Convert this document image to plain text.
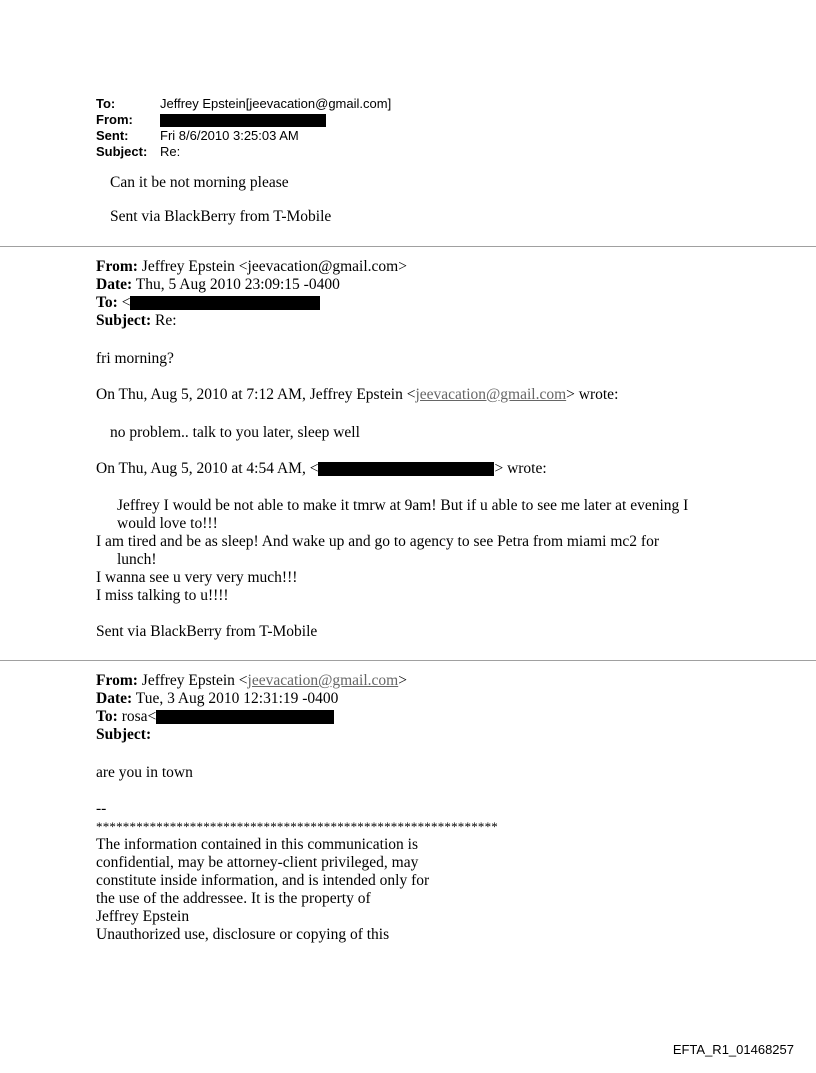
To:	Jeffrey Epstein[jeevacation@gmail.com]
From:	
Sent:	Fri 8/6/2010 3:25:03 AM
Subject:	Re:
Can it be not morning please
Sent via BlackBerry from T-Mobile
From: Jeffrey Epstein <jeevacation@gmail.com>
Date: Thu, 5 Aug 2010 23:09:15 -0400
To: <
Subject: Re:
fri morning?
On Thu, Aug 5, 2010 at 7:12 AM, Jeffrey Epstein <jeevacation@gmail.com> wrote:
no problem.. talk to you later, sleep well
On Thu, Aug 5, 2010 at 4:54 AM, <	> wrote:
Jeffrey I would be not able to make it tmrw at 9am! But if u able to see me later at evening I
would love to!!!
I am tired and be as sleep! And wake up and go to agency to see Petra from miami mc2 for
lunch!
I wanna see u very very much!!!
I miss talking to u!!!!
Sent via BlackBerry from T-Mobile
From: Jeffrey Epstein <jeevacation@gmail.com>
Date: Tue, 3 Aug 2010 12:31:19 -0400
To: rosa<
Subject:
are you in town
--
************************************************************
The information contained in this communication is
confidential, may be attorney-client privileged, may
constitute inside information, and is intended only for
the use of the addressee. It is the property of
Jeffrey Epstein
Unauthorized use, disclosure or copying of this
EFTA_R1_01468257
